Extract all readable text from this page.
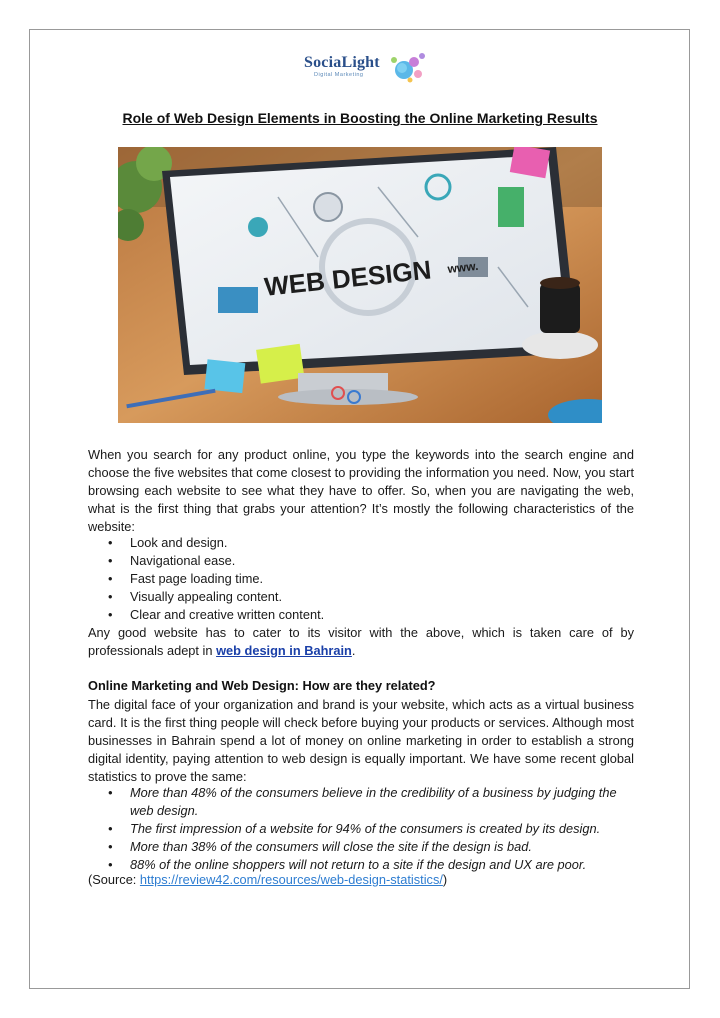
SociaLight
Digital Marketing
Role of Web Design Elements in Boosting the Online Marketing Results
WEB DESIGN www.
When you search for any product online, you type the keywords into the search engine and choose the five websites that come closest to providing the information you need. Now, you start browsing each website to see what they have to offer. So, when you are navigating the web, what is the first thing that grabs your attention? It’s mostly the following characteristics of the website:
• Look and design.
• Navigational ease.
• Fast page loading time.
• Visually appealing content.
• Clear and creative written content.
Any good website has to cater to its visitor with the above, which is taken care of by professionals adept in web design in Bahrain.
Online Marketing and Web Design: How are they related?
The digital face of your organization and brand is your website, which acts as a virtual business card. It is the first thing people will check before buying your products or services. Although most businesses in Bahrain spend a lot of money on online marketing in order to establish a strong digital identity, paying attention to web design is equally important. We have some recent global statistics to prove the same:
• More than 48% of the consumers believe in the credibility of a business by judging the web design.
• The first impression of a website for 94% of the consumers is created by its design.
• More than 38% of the consumers will close the site if the design is bad.
• 88% of the online shoppers will not return to a site if the design and UX are poor.
(Source: https://review42.com/resources/web-design-statistics/)
